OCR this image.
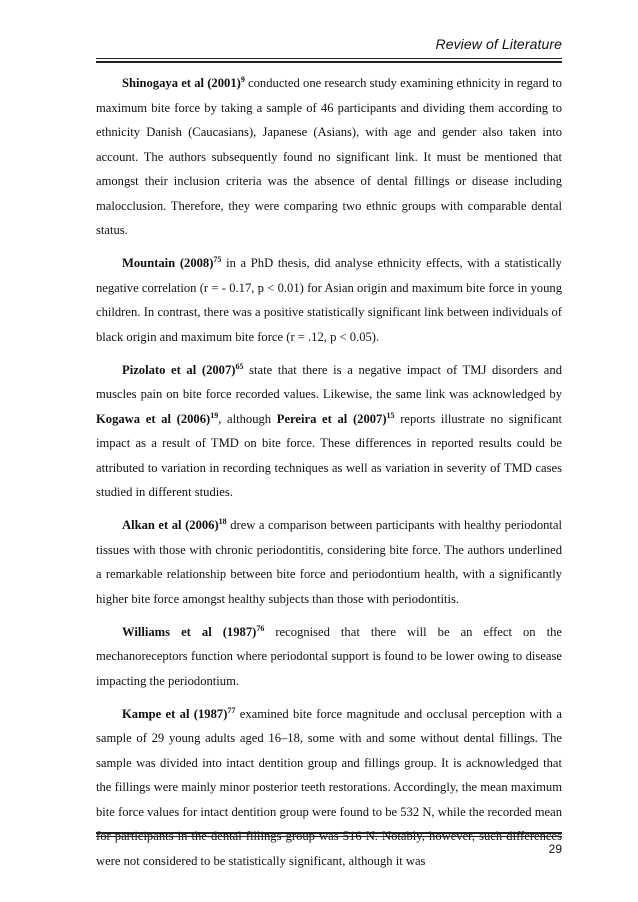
Review of Literature

Shinogaya et al $(2001)^9$ conducted one research study examining ethnicity in regard to maximum bite force by taking a sample of 46 participants and dividing them according to ethnicity Danish (Caucasians), Japanese (Asians), with age and gender also taken into account. The authors subsequently found no significant link. It must be mentioned that amongst their inclusion criteria was the absence of dental fillings or disease including malocclusion. Therefore, they were comparing two ethnic groups with comparable dental status.

Mountain $(2008)^{75}$ in a PhD thesis, did analyse ethnicity effects, with a statistically negative correlation (r = - 0.17, p < 0.01) for Asian origin and maximum bite force in young children. In contrast, there was a positive statistically significant link between individuals of black origin and maximum bite force (r = .12, p < 0.05).

Pizolato et al $(2007)^{65}$ state that there is a negative impact of TMJ disorders and muscles pain on bite force recorded values. Likewise, the same link was acknowledged by Kogawa et al $(2006)^{19}$, although Pereira et al $(2007)^{15}$ reports illustrate no significant impact as a result of TMD on bite force. These differences in reported results could be attributed to variation in recording techniques as well as variation in severity of TMD cases studied in different studies.

Alkan et al $(2006)^{18}$ drew a comparison between participants with healthy periodontal tissues with those with chronic periodontitis, considering bite force. The authors underlined a remarkable relationship between bite force and periodontium health, with a significantly higher bite force amongst healthy subjects than those with periodontitis.

Williams et al $(1987)^{76}$ recognised that there will be an effect on the mechanoreceptors function where periodontal support is found to be lower owing to disease impacting the periodontium.

Kampe et al $(1987)^{77}$ examined bite force magnitude and occlusal perception with a sample of 29 young adults aged 16–18, some with and some without dental fillings. The sample was divided into intact dentition group and fillings group. It is acknowledged that the fillings were mainly minor posterior teeth restorations. Accordingly, the mean maximum bite force values for intact dentition group were found to be 532 N, while the recorded mean for participants in the dental fillings group was 516 N. Notably, however, such differences were not considered to be statistically significant, although it was

29
